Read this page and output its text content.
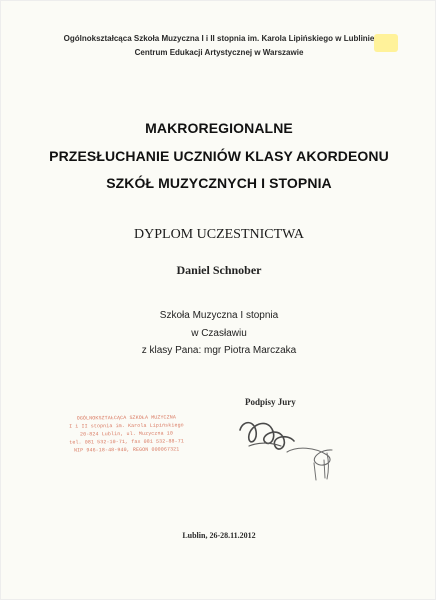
Ogólnokształcąca Szkoła Muzyczna I i II stopnia im. Karola Lipińskiego w Lublinie
Centrum Edukacji Artystycznej w Warszawie
MAKROREGIONALNE
PRZESŁUCHANIE UCZNIÓW KLASY AKORDEONU
SZKÓŁ MUZYCZNYCH I STOPNIA
DYPLOM UCZESTNICTWA
Daniel Schnober
Szkoła Muzyczna I stopnia
w Czasławiu
z klasy Pana: mgr Piotra Marczaka
Podpisy Jury
OGÓLNOKSZTAŁCĄCA SZKOŁA MUZYCZNA
I i II stopnia im. Karola Lipińskiego
20-824 Lublin, ul. Muzyczna 10
tel. 081 532-10-71, fax 081 532-88-71
NIP 946-18-48-940, REGON 000067321
Lublin, 26-28.11.2012
